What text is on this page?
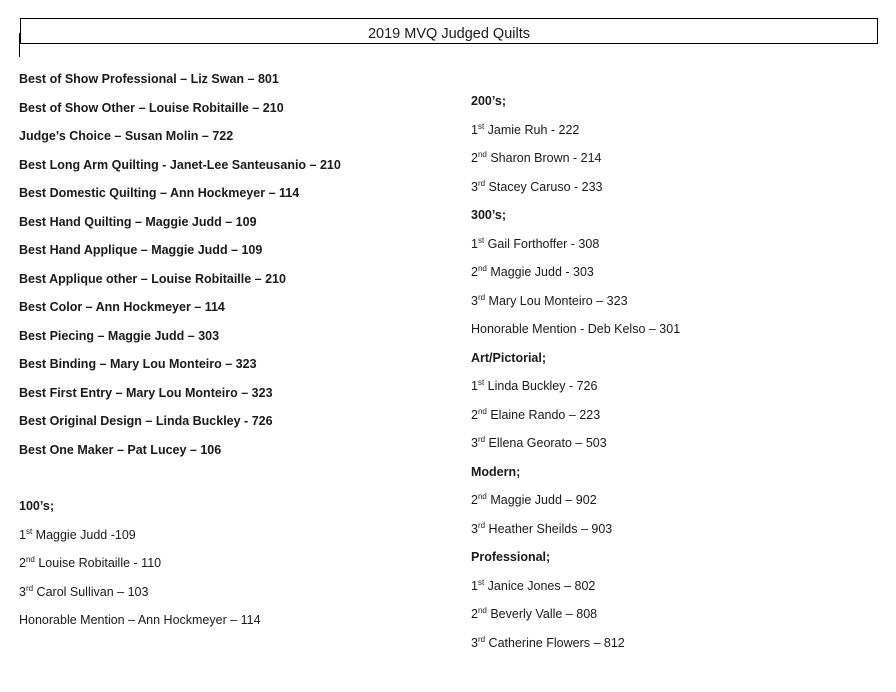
2019 MVQ Judged Quilts
Best of Show Professional – Liz Swan – 801
Best of Show Other – Louise Robitaille – 210
Judge’s Choice – Susan Molin – 722
Best Long Arm Quilting - Janet-Lee Santeusanio – 210
Best Domestic Quilting – Ann Hockmeyer – 114
Best Hand Quilting – Maggie Judd – 109
Best Hand Applique – Maggie Judd – 109
Best Applique other – Louise Robitaille – 210
Best Color – Ann Hockmeyer – 114
Best Piecing – Maggie Judd – 303
Best Binding – Mary Lou Monteiro – 323
Best First Entry – Mary Lou Monteiro – 323
Best Original Design – Linda Buckley - 726
Best One Maker – Pat Lucey – 106
100’s;
1st Maggie Judd -109
2nd Louise Robitaille - 110
3rd Carol Sullivan – 103
Honorable Mention – Ann Hockmeyer – 114
200’s;
1st Jamie Ruh - 222
2nd Sharon Brown - 214
3rd Stacey Caruso - 233
300’s;
1st Gail Forthoffer - 308
2nd Maggie Judd - 303
3rd Mary Lou Monteiro – 323
Honorable Mention - Deb Kelso – 301
Art/Pictorial;
1st Linda Buckley - 726
2nd Elaine Rando – 223
3rd Ellena Georato – 503
Modern;
2nd Maggie Judd – 902
3rd Heather Sheilds – 903
Professional;
1st Janice Jones – 802
2nd Beverly Valle – 808
3rd Catherine Flowers – 812
